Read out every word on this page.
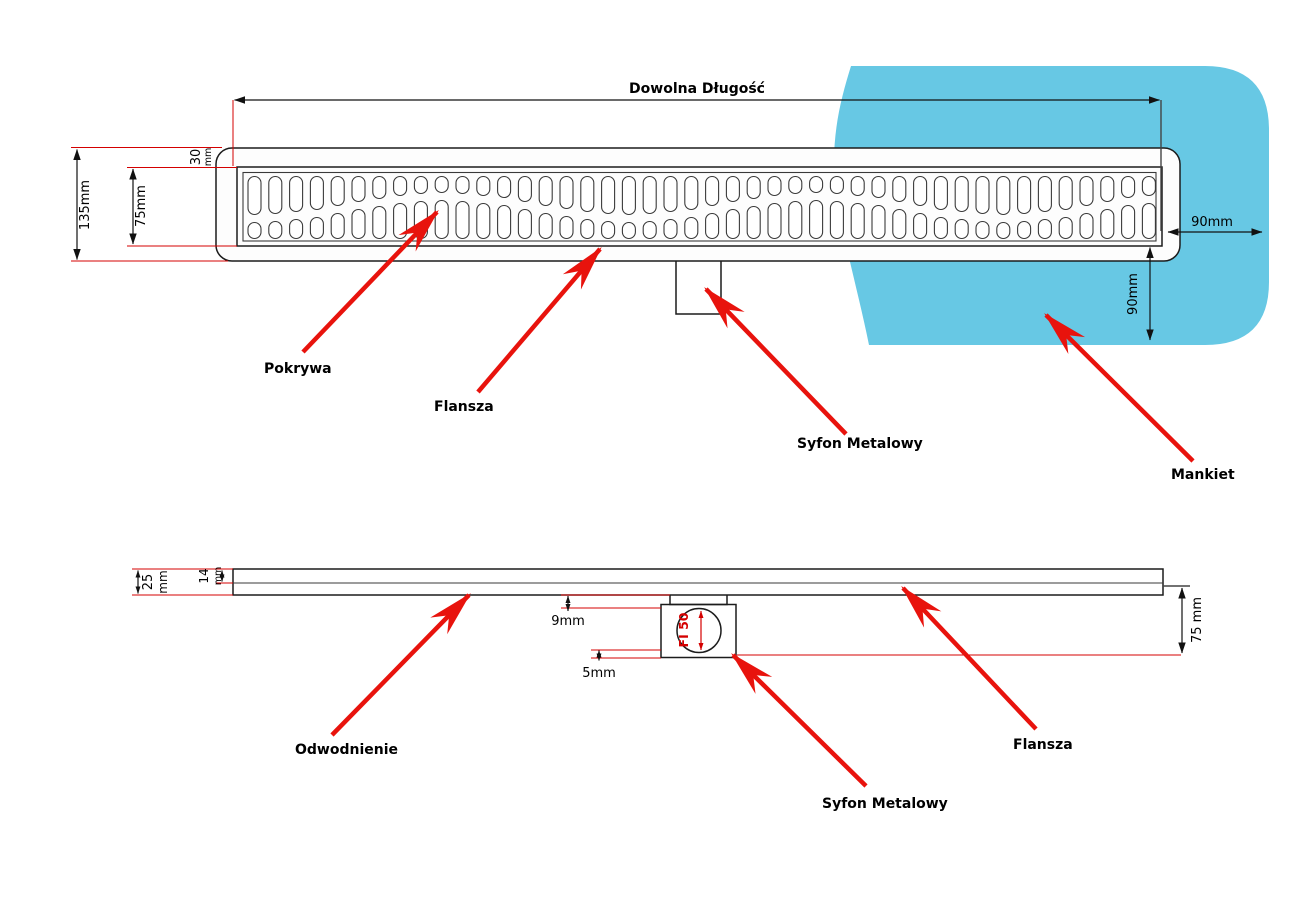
Dowolna Długość
135mm	75mm
30 mm
90mm
90mm
Pokrywa
Flansza
Syfon Metalowy
Mankiet
25 mm 14 mm
9mm
5mm
FI 50	75 mm
Odwodnienie
Syfon Metalowy
Flansza
